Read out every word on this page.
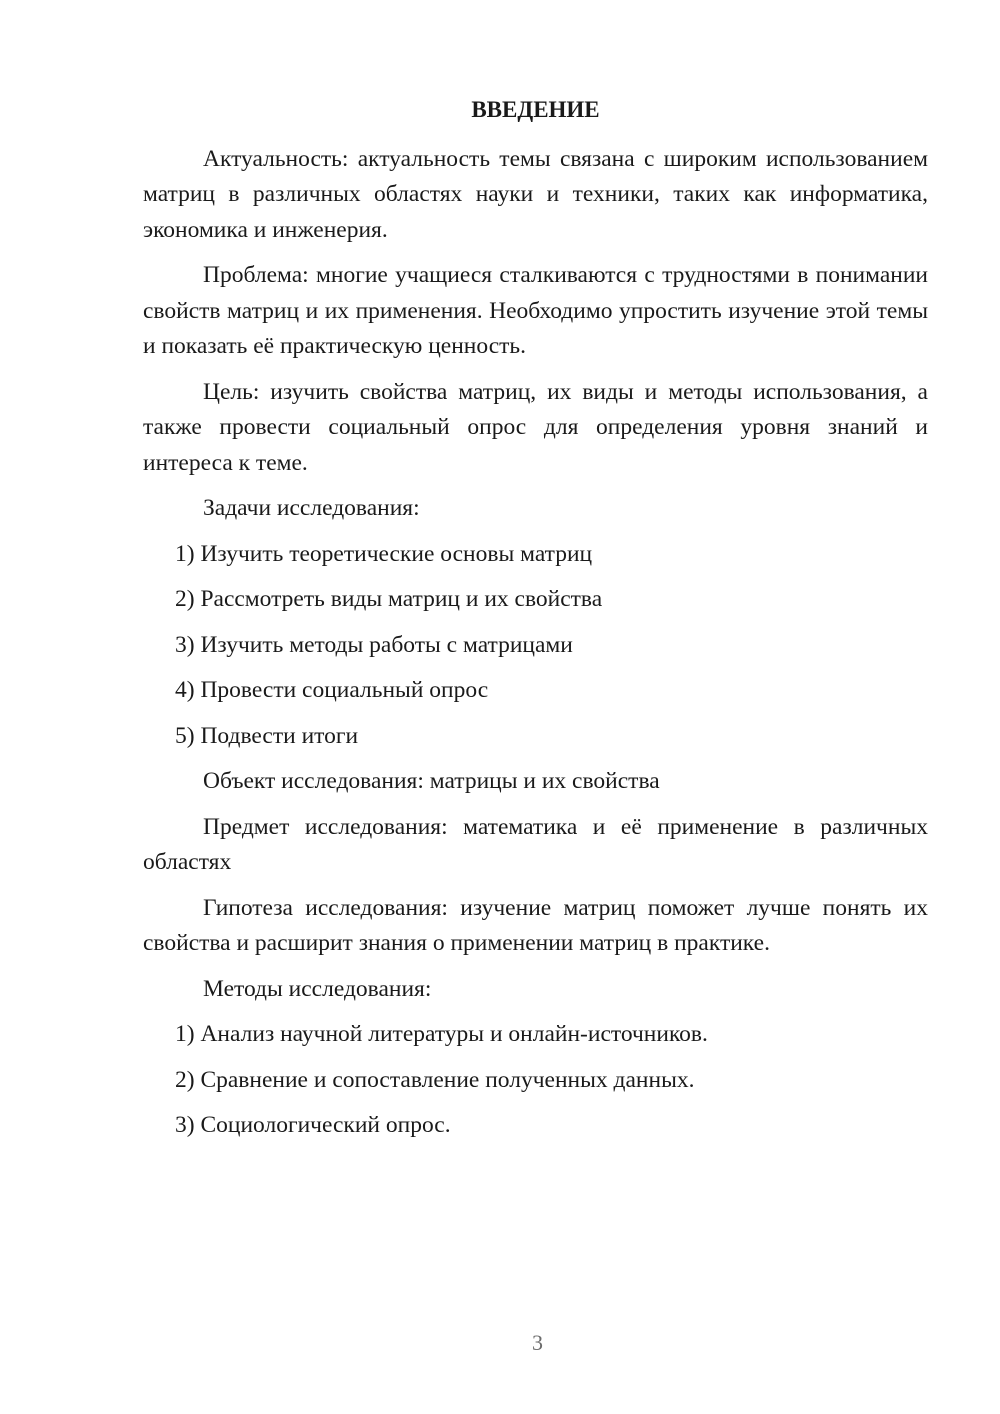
ВВЕДЕНИЕ

Актуальность: актуальность темы связана с широким использованием матриц в различных областях науки и техники, таких как информатика, экономика и инженерия.

Проблема: многие учащиеся сталкиваются с трудностями в понимании свойств матриц и их применения. Необходимо упростить изучение этой темы и показать её практическую ценность.

Цель: изучить свойства матриц, их виды и методы использования, а также провести социальный опрос для определения уровня знаний и интереса к теме.

Задачи исследования:

1) Изучить теоретические основы матриц

2) Рассмотреть виды матриц и их свойства

3) Изучить методы работы с матрицами

4) Провести социальный опрос

5) Подвести итоги

Объект исследования: матрицы и их свойства

Предмет исследования: математика и её применение в различных областях

Гипотеза исследования: изучение матриц поможет лучше понять их свойства и расширит знания о применении матриц в практике.

Методы исследования:

1) Анализ научной литературы и онлайн-источников.

2) Сравнение и сопоставление полученных данных.

3) Социологический опрос.

3
